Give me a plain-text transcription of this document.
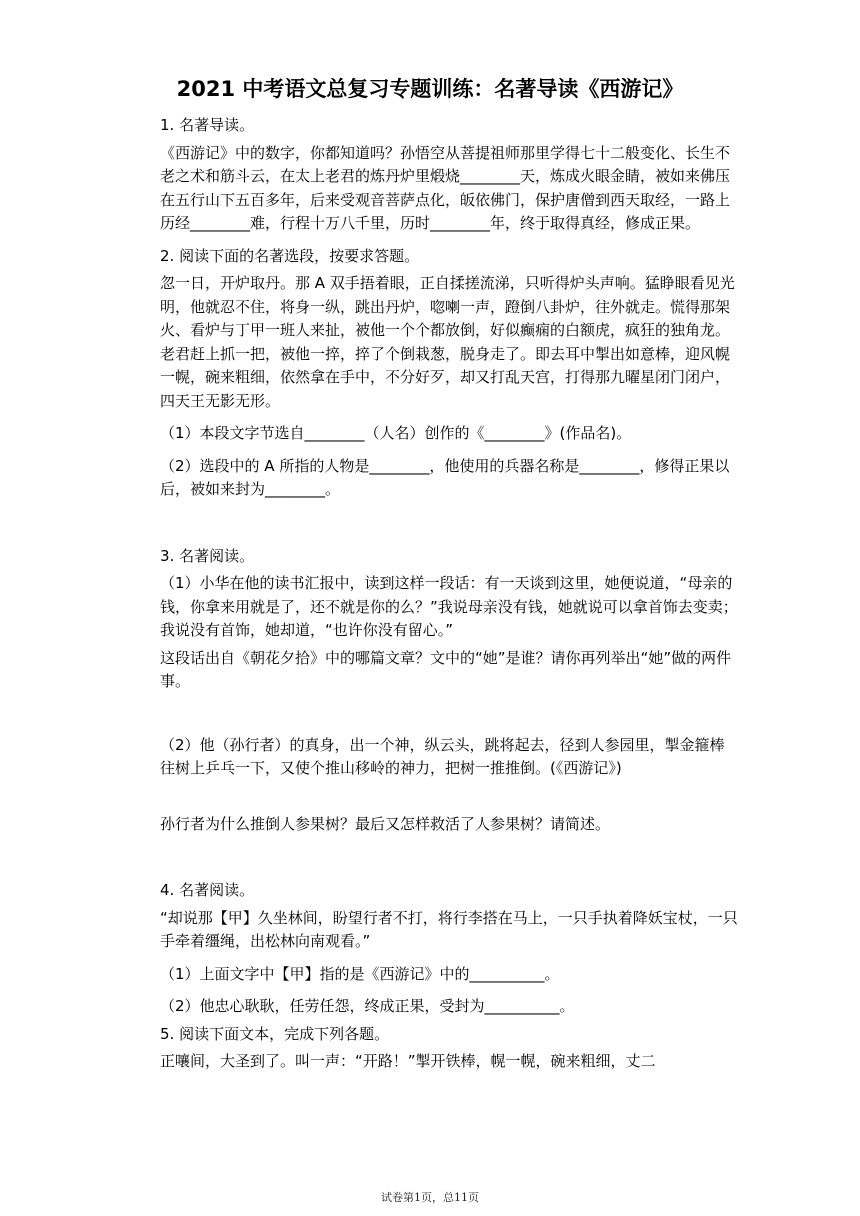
2021 中考语文总复习专题训练：名著导读《西游记》

1. 名著导读。

《西游记》中的数字，你都知道吗？孙悟空从菩提祖师那里学得七十二般变化、长生不老之术和筋斗云，在太上老君的炼丹炉里煅烧________天，炼成火眼金睛，被如来佛压在五行山下五百多年，后来受观音菩萨点化，皈依佛门，保护唐僧到西天取经，一路上历经________难，行程十万八千里，历时________年，终于取得真经，修成正果。

2. 阅读下面的名著选段，按要求答题。

忽一日，开炉取丹。那 A 双手捂着眼，正自揉搓流涕，只听得炉头声响。猛睁眼看见光明，他就忍不住，将身一纵，跳出丹炉，唿喇一声，蹬倒八卦炉，往外就走。慌得那架火、看炉与丁甲一班人来扯，被他一个个都放倒，好似癫痫的白额虎，疯狂的独角龙。老君赶上抓一把，被他一捽，捽了个倒栽葱，脱身走了。即去耳中掣出如意棒，迎风幌一幌，碗来粗细，依然拿在手中，不分好歹，却又打乱天宫，打得那九曜星闭门闭户，四天王无影无形。

（1）本段文字节选自________（人名）创作的《________》(作品名)。

（2）选段中的 A 所指的人物是________，他使用的兵器名称是________，修得正果以后，被如来封为________。

3. 名著阅读。

（1）小华在他的读书汇报中，读到这样一段话：有一天谈到这里，她便说道，“母亲的钱，你拿来用就是了，还不就是你的么？”我说母亲没有钱，她就说可以拿首饰去变卖；我说没有首饰，她却道，“也许你没有留心。”

这段话出自《朝花夕拾》中的哪篇文章？文中的“她”是谁？请你再列举出“她”做的两件事。

（2）他（孙行者）的真身，出一个神，纵云头，跳将起去，径到人参园里，掣金箍棒往树上乒乓一下，又使个推山移岭的神力，把树一推推倒。(《西游记》)

孙行者为什么推倒人参果树？最后又怎样救活了人参果树？请简述。

4. 名著阅读。

“却说那【甲】久坐林间，盼望行者不打，将行李搭在马上，一只手执着降妖宝杖，一只手牵着缰绳，出松林向南观看。”

（1）上面文字中【甲】指的是《西游记》中的__________。

（2）他忠心耿耿，任劳任怨，终成正果，受封为__________。

5. 阅读下面文本，完成下列各题。

正嚷间，大圣到了。叫一声：“开路！”掣开铁棒，幌一幌，碗来粗细，丈二

试卷第1页，总11页
